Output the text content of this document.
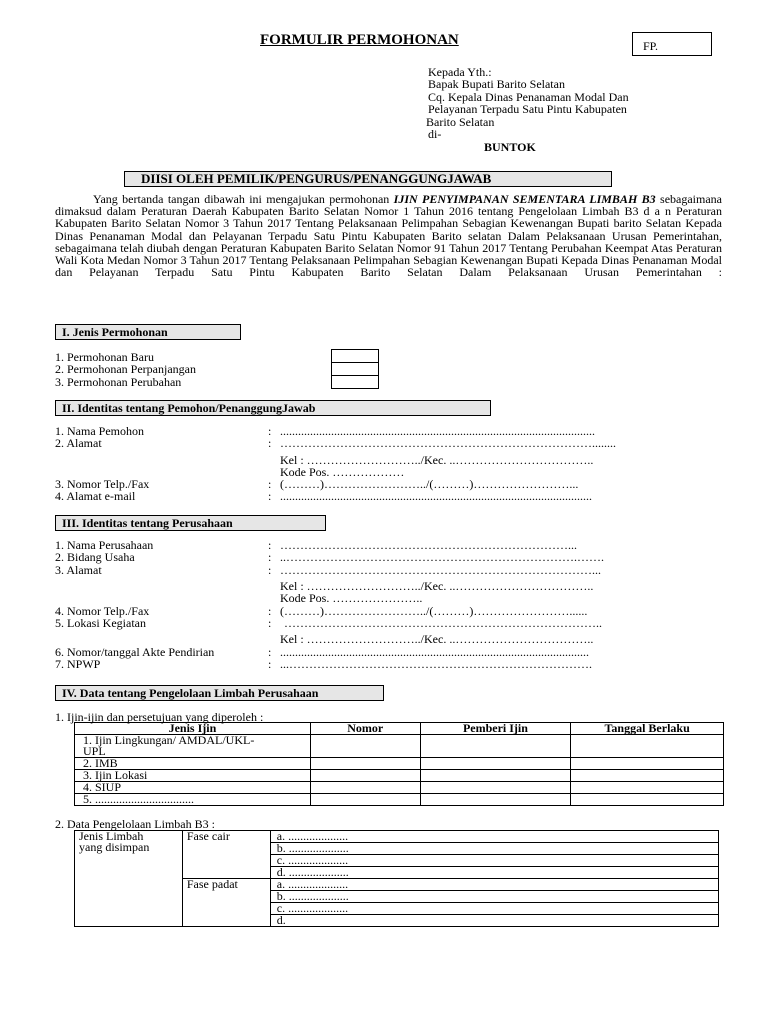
FORMULIR PERMOHONAN	FP.
Kepada Yth.:
Bapak Bupati Barito Selatan
Cq. Kepala Dinas Penanaman Modal Dan
Pelayanan Terpadu Satu Pintu Kabupaten
Barito Selatan
di-
BUNTOK
DIISI OLEH PEMILIK/PENGURUS/PENANGGUNGJAWAB

Yang bertanda tangan dibawah ini mengajukan permohonan IJIN PENYIMPANAN SEMENTARA LIMBAH B3 sebagaimana dimaksud dalam Peraturan Daerah Kabupaten Barito Selatan Nomor 1 Tahun 2016 tentang Pengelolaan Limbah B3 d a n Peraturan Kabupaten Barito Selatan Nomor 3 Tahun 2017 Tentang Pelaksanaan Pelimpahan Sebagian Kewenangan Bupati barito Selatan Kepada Dinas Penanaman Modal dan Pelayanan Terpadu Satu Pintu Kabupaten Barito selatan Dalam Pelaksanaan Urusan Pemerintahan, sebagaimana telah diubah dengan Peraturan Kabupaten Barito Selatan Nomor 91 Tahun 2017 Tentang Perubahan Keempat Atas Peraturan Wali Kota Medan Nomor 3 Tahun 2017 Tentang Pelaksanaan Pelimpahan Sebagian Kewenangan Bupati Kepada Dinas Penanaman Modal dan Pelayanan Terpadu Satu Pintu Kabupaten Barito Selatan Dalam Pelaksanaan Urusan Pemerintahan :

I. Jenis Permohonan
1. Permohonan Baru
2. Permohonan Perpanjangan
3. Permohonan Perubahan
II. Identitas tentang Pemohon/PenanggungJawab
1. Nama Pemohon	: .........................................................................................................
2. Alamat	: ……………………………………………………………………........
Kel : ………………………../Kec. ..……………………………..
Kode Pos. ………………
3. Nomor Telp./Fax	: (………)……………………../(………)……………………...
4. Alamat e-mail	: ........................................................................................................
III. Identitas tentang Perusahaan
1. Nama Perusahaan	: ………………………………………………………………...
2. Bidang Usaha	: ..……………………………………………………………….…….
3. Alamat	: ……………………………………………………………………...
Kel : ………………………../Kec. ..……………………………..
Kode Pos. …………………..
4. Nomor Telp./Fax	: (………)……………………../(………)……………………......
5. Lokasi Kegiatan	: ……………………………………………………………………..
Kel : ………………………../Kec. ..……………………………..
6. Nomor/tanggal Akte Pendirian	: .......................................................................................................
7. NPWP	: ...………………………………………………………………….
IV. Data tentang Pengelolaan Limbah Perusahaan
1. Ijin-ijin dan persetujuan yang diperoleh :
Jenis Ijin	Nomor	Pemberi Ijin	Tanggal Berlaku

1. Ijin Lingkungan/ AMDAL/UKL-
UPL			

2. IMB			
3. Ijin Lokasi			
4. SIUP			
5. .................................			
2. Data Pengelolaan Limbah B3 :
Jenis Limbah
yang disimpan	Fase cair	a. ....................
		b. ....................
		c. ....................
		d. ....................
	Fase padat	a. ....................
		b. ....................
		c. ....................
		d.
